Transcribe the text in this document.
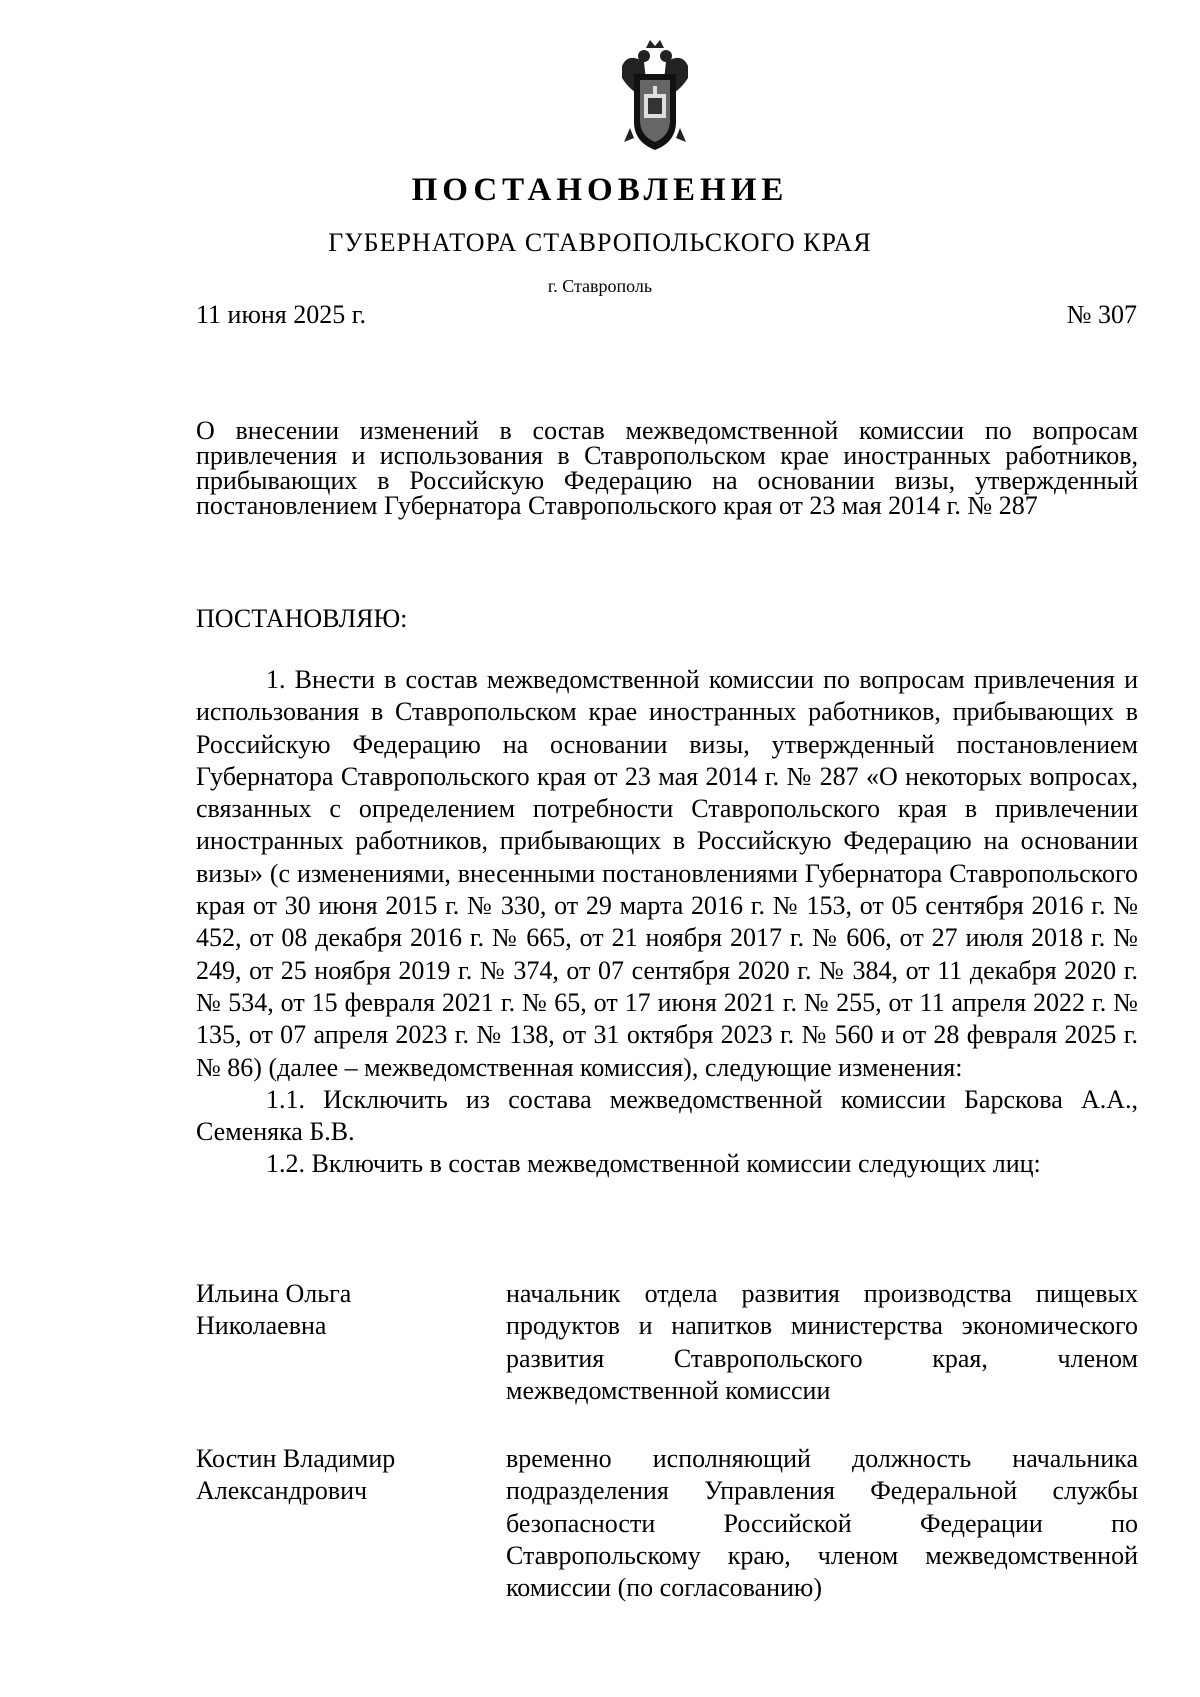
ПОСТАНОВЛЕНИЕ
ГУБЕРНАТОРА СТАВРОПОЛЬСКОГО КРАЯ
г. Ставрополь
11 июня 2025 г.	№ 307
О внесении изменений в состав межведомственной комиссии по вопросам привлечения и использования в Ставропольском крае иностранных работников, прибывающих в Российскую Федерацию на основании визы, утвержденный постановлением Губернатора Ставропольского края от 23 мая 2014 г. № 287
ПОСТАНОВЛЯЮ:

1. Внести в состав межведомственной комиссии по вопросам привлечения и использования в Ставропольском крае иностранных работников, прибывающих в Российскую Федерацию на основании визы, утвержденный постановлением Губернатора Ставропольского края от 23 мая 2014 г. № 287 «О некоторых вопросах, связанных с определением потребности Ставропольского края в привлечении иностранных работников, прибывающих в Российскую Федерацию на основании визы» (с изменениями, внесенными постановлениями Губернатора Ставропольского края от 30 июня 2015 г. № 330, от 29 марта 2016 г. № 153, от 05 сентября 2016 г. № 452, от 08 декабря 2016 г. № 665, от 21 ноября 2017 г. № 606, от 27 июля 2018 г. № 249, от 25 ноября 2019 г. № 374, от 07 сентября 2020 г. № 384, от 11 декабря 2020 г. № 534, от 15 февраля 2021 г. № 65, от 17 июня 2021 г. № 255, от 11 апреля 2022 г. № 135, от 07 апреля 2023 г. № 138, от 31 октября 2023 г. № 560 и от 28 февраля 2025 г. № 86) (далее – межведомственная комиссия), следующие изменения:

1.1. Исключить из состава межведомственной комиссии Барскова А.А., Семеняка Б.В.

1.2. Включить в состав межведомственной комиссии следующих лиц:

Ильина Ольга
Николаевна
начальник отдела развития производства пищевых продуктов и напитков министерства экономического развития Ставропольского края, членом межведомственной комиссии
Костин Владимир
Александрович
временно исполняющий должность начальника подразделения Управления Федеральной службы безопасности Российской Федерации по Ставропольскому краю, членом межведомственной комиссии (по согласованию)
